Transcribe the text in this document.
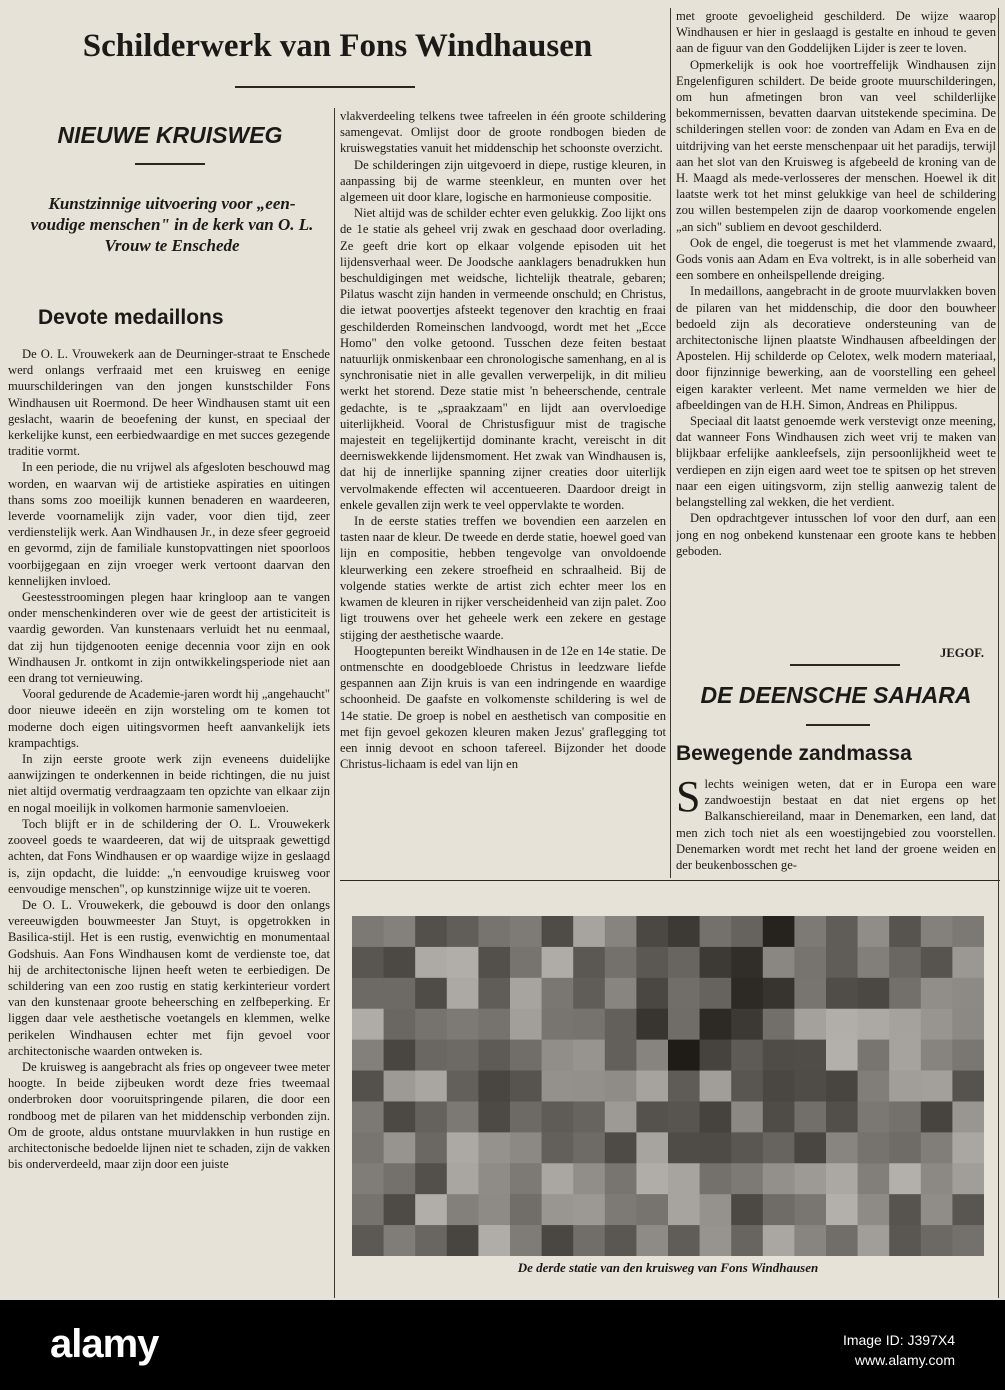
Schilderwerk van Fons Windhausen
NIEUWE KRUISWEG
Kunstzinnige uitvoering voor „een- voudige menschen" in de kerk van O. L. Vrouw te Enschede
Devote medaillons

De O. L. Vrouwekerk aan de Deurninger-straat te Enschede werd onlangs verfraaid met een kruisweg en eenige muurschilderingen van den jongen kunstschilder Fons Windhausen uit Roermond. De heer Windhausen stamt uit een geslacht, waarin de beoefening der kunst, en speciaal der kerkelijke kunst, een eerbiedwaardige en met succes gezegende traditie vormt.

In een periode, die nu vrijwel als afgesloten beschouwd mag worden, en waarvan wij de artistieke aspiraties en uitingen thans soms zoo moeilijk kunnen benaderen en waardeeren, leverde voornamelijk zijn vader, voor dien tijd, zeer verdienstelijk werk. Aan Windhausen Jr., in deze sfeer gegroeid en gevormd, zijn de familiale kunstopvattingen niet spoorloos voorbijgegaan en zijn vroeger werk vertoont daarvan den kennelijken invloed.

Geestesstroomingen plegen haar kringloop aan te vangen onder menschenkinderen over wie de geest der artisticiteit is vaardig geworden. Van kunstenaars verluidt het nu eenmaal, dat zij hun tijdgenooten eenige decennia voor zijn en ook Windhausen Jr. ontkomt in zijn ontwikkelingsperiode niet aan een drang tot vernieuwing.

Vooral gedurende de Academie-jaren wordt hij „angehaucht" door nieuwe ideeën en zijn worsteling om te komen tot moderne doch eigen uitingsvormen heeft aanvankelijk iets krampachtigs.

In zijn eerste groote werk zijn eveneens duidelijke aanwijzingen te onderkennen in beide richtingen, die nu juist niet altijd overmatig verdraagzaam ten opzichte van elkaar zijn en nogal moeilijk in volkomen harmonie samenvloeien.

Toch blijft er in de schildering der O. L. Vrouwekerk zooveel goeds te waardeeren, dat wij de uitspraak gewettigd achten, dat Fons Windhausen er op waardige wijze in geslaagd is, zijn opdacht, die luidde: „'n eenvoudige kruisweg voor eenvoudige menschen", op kunstzinnige wijze uit te voeren.

De O. L. Vrouwekerk, die gebouwd is door den onlangs vereeuwigden bouwmeester Jan Stuyt, is opgetrokken in Basilica-stijl. Het is een rustig, evenwichtig en monumentaal Godshuis. Aan Fons Windhausen komt de verdienste toe, dat hij de architectonische lijnen heeft weten te eerbiedigen. De schildering van een zoo rustig en statig kerkinterieur vordert van den kunstenaar groote beheersching en zelfbeperking. Er liggen daar vele aesthetische voetangels en klemmen, welke perikelen Windhausen echter met fijn gevoel voor architectonische waarden ontweken is.

De kruisweg is aangebracht als fries op ongeveer twee meter hoogte. In beide zijbeuken wordt deze fries tweemaal onderbroken door vooruitspringende pilaren, die door een rondboog met de pilaren van het middenschip verbonden zijn. Om de groote, aldus ontstane muurvlakken in hun rustige en architectonische bedoelde lijnen niet te schaden, zijn de vakken bis onderverdeeld, maar zijn door een juiste

vlakverdeeling telkens twee tafreelen in één groote schildering samengevat. Omlijst door de groote rondbogen bieden de kruiswegstaties vanuit het middenschip het schoonste overzicht.

De schilderingen zijn uitgevoerd in diepe, rustige kleuren, in aanpassing bij de warme steenkleur, en munten over het algemeen uit door klare, logische en harmonieuse compositie.

Niet altijd was de schilder echter even gelukkig. Zoo lijkt ons de 1e statie als geheel vrij zwak en geschaad door overlading. Ze geeft drie kort op elkaar volgende episoden uit het lijdensverhaal weer. De Joodsche aanklagers benadrukken hun beschuldigingen met weidsche, lichtelijk theatrale, gebaren; Pilatus wascht zijn handen in vermeende onschuld; en Christus, die ietwat poovertjes afsteekt tegenover den krachtig en fraai geschilderden Romeinschen landvoogd, wordt met het „Ecce Homo" den volke getoond. Tusschen deze feiten bestaat natuurlijk onmiskenbaar een chronologische samenhang, en al is synchronisatie niet in alle gevallen verwerpelijk, in dit milieu werkt het storend. Deze statie mist 'n beheerschende, centrale gedachte, is te „spraakzaam" en lijdt aan overvloedige uiterlijkheid. Vooral de Christusfiguur mist de tragische majesteit en tegelijkertijd dominante kracht, vereischt in dit deerniswekkende lijdensmoment. Het zwak van Windhausen is, dat hij de innerlijke spanning zijner creaties door uiterlijk vervolmakende effecten wil accentueeren. Daardoor dreigt in enkele gevallen zijn werk te veel oppervlakte te worden.

In de eerste staties treffen we bovendien een aarzelen en tasten naar de kleur. De tweede en derde statie, hoewel goed van lijn en compositie, hebben tengevolge van onvoldoende kleurwerking een zekere stroefheid en schraalheid. Bij de volgende staties werkte de artist zich echter meer los en kwamen de kleuren in rijker verscheidenheid van zijn palet. Zoo ligt trouwens over het geheele werk een zekere en gestage stijging der aesthetische waarde.

Hoogtepunten bereikt Windhausen in de 12e en 14e statie. De ontmenschte en doodgebloede Christus in leedzware liefde gespannen aan Zijn kruis is van een indringende en waardige schoonheid. De gaafste en volkomenste schildering is wel de 14e statie. De groep is nobel en aesthetisch van compositie en met fijn gevoel gekozen kleuren maken Jezus' graflegging tot een innig devoot en schoon tafereel. Bijzonder het doode Christus-lichaam is edel van lijn en

met groote gevoeligheid geschilderd. De wijze waarop Windhausen er hier in geslaagd is gestalte en inhoud te geven aan de figuur van den Goddelijken Lijder is zeer te loven.

Opmerkelijk is ook hoe voortreffelijk Windhausen zijn Engelenfiguren schildert. De beide groote muurschilderingen, om hun afmetingen bron van veel schilderlijke bekommernissen, bevatten daarvan uitstekende specimina. De schilderingen stellen voor: de zonden van Adam en Eva en de uitdrijving van het eerste menschenpaar uit het paradijs, terwijl aan het slot van den Kruisweg is afgebeeld de kroning van de H. Maagd als mede-verlosseres der menschen. Hoewel ik dit laatste werk tot het minst gelukkige van heel de schildering zou willen bestempelen zijn de daarop voorkomende engelen „an sich" subliem en devoot geschilderd.

Ook de engel, die toegerust is met het vlammende zwaard, Gods vonis aan Adam en Eva voltrekt, is in alle soberheid van een sombere en onheilspellende dreiging.

In medaillons, aangebracht in de groote muurvlakken boven de pilaren van het middenschip, die door den bouwheer bedoeld zijn als decoratieve ondersteuning van de architectonische lijnen plaatste Windhausen afbeeldingen der Apostelen. Hij schilderde op Celotex, welk modern materiaal, door fijnzinnige bewerking, aan de voorstelling een geheel eigen karakter verleent. Met name vermelden we hier de afbeeldingen van de H.H. Simon, Andreas en Philippus.

Speciaal dit laatst genoemde werk verstevigt onze meening, dat wanneer Fons Windhausen zich weet vrij te maken van blijkbaar erfelijke aankleefsels, zijn persoonlijkheid weet te verdiepen en zijn eigen aard weet toe te spitsen op het streven naar een eigen uitingsvorm, zijn stellig aanwezig talent de belangstelling zal wekken, die het verdient.

Den opdrachtgever intusschen lof voor den durf, aan een jong en nog onbekend kunstenaar een groote kans te hebben geboden.

JEGOF.
DE DEENSCHE SAHARA
Bewegende zandmassa
S lechts weinigen weten, dat er in Europa een ware zandwoestijn bestaat en dat niet ergens op het Balkanschiereiland, maar in Denemarken, een land, dat men zich toch niet als een woestijngebied zou voorstellen. Denemarken wordt met recht het land der groene weiden en der beukenbosschen ge-
De derde statie van den kruisweg van Fons Windhausen
alamy	Image ID: J397X4
www.alamy.com
